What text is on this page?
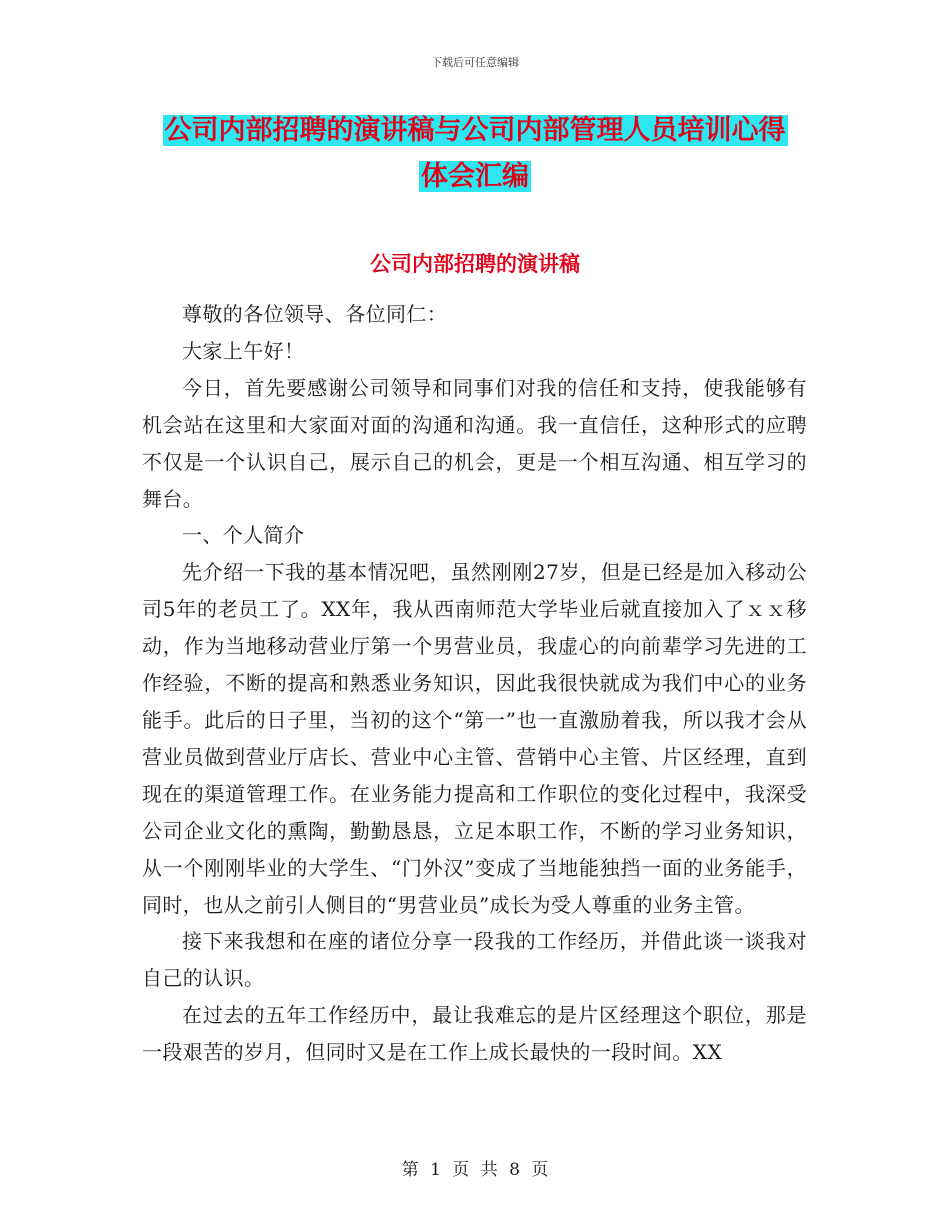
下载后可任意编辑
公司内部招聘的演讲稿与公司内部管理人员培训心得
体会汇编
公司内部招聘的演讲稿

尊敬的各位领导、各位同仁：

大家上午好！

今日，首先要感谢公司领导和同事们对我的信任和支持，使我能够有机会站在这里和大家面对面的沟通和沟通。我一直信任，这种形式的应聘不仅是一个认识自己，展示自己的机会，更是一个相互沟通、相互学习的舞台。

一、个人简介

先介绍一下我的基本情况吧，虽然刚刚27岁，但是已经是加入移动公司5年的老员工了。XX年，我从西南师范大学毕业后就直接加入了ｘｘ移动，作为当地移动营业厅第一个男营业员，我虚心的向前辈学习先进的工作经验，不断的提高和熟悉业务知识，因此我很快就成为我们中心的业务能手。此后的日子里，当初的这个“第一”也一直激励着我，所以我才会从营业员做到营业厅店长、营业中心主管、营销中心主管、片区经理，直到现在的渠道管理工作。在业务能力提高和工作职位的变化过程中，我深受公司企业文化的熏陶，勤勤恳恳，立足本职工作，不断的学习业务知识，从一个刚刚毕业的大学生、“门外汉”变成了当地能独挡一面的业务能手，同时，也从之前引人侧目的“男营业员”成长为受人尊重的业务主管。

接下来我想和在座的诸位分享一段我的工作经历，并借此谈一谈我对自己的认识。

在过去的五年工作经历中，最让我难忘的是片区经理这个职位，那是一段艰苦的岁月，但同时又是在工作上成长最快的一段时间。XX

第 1 页 共 8 页
